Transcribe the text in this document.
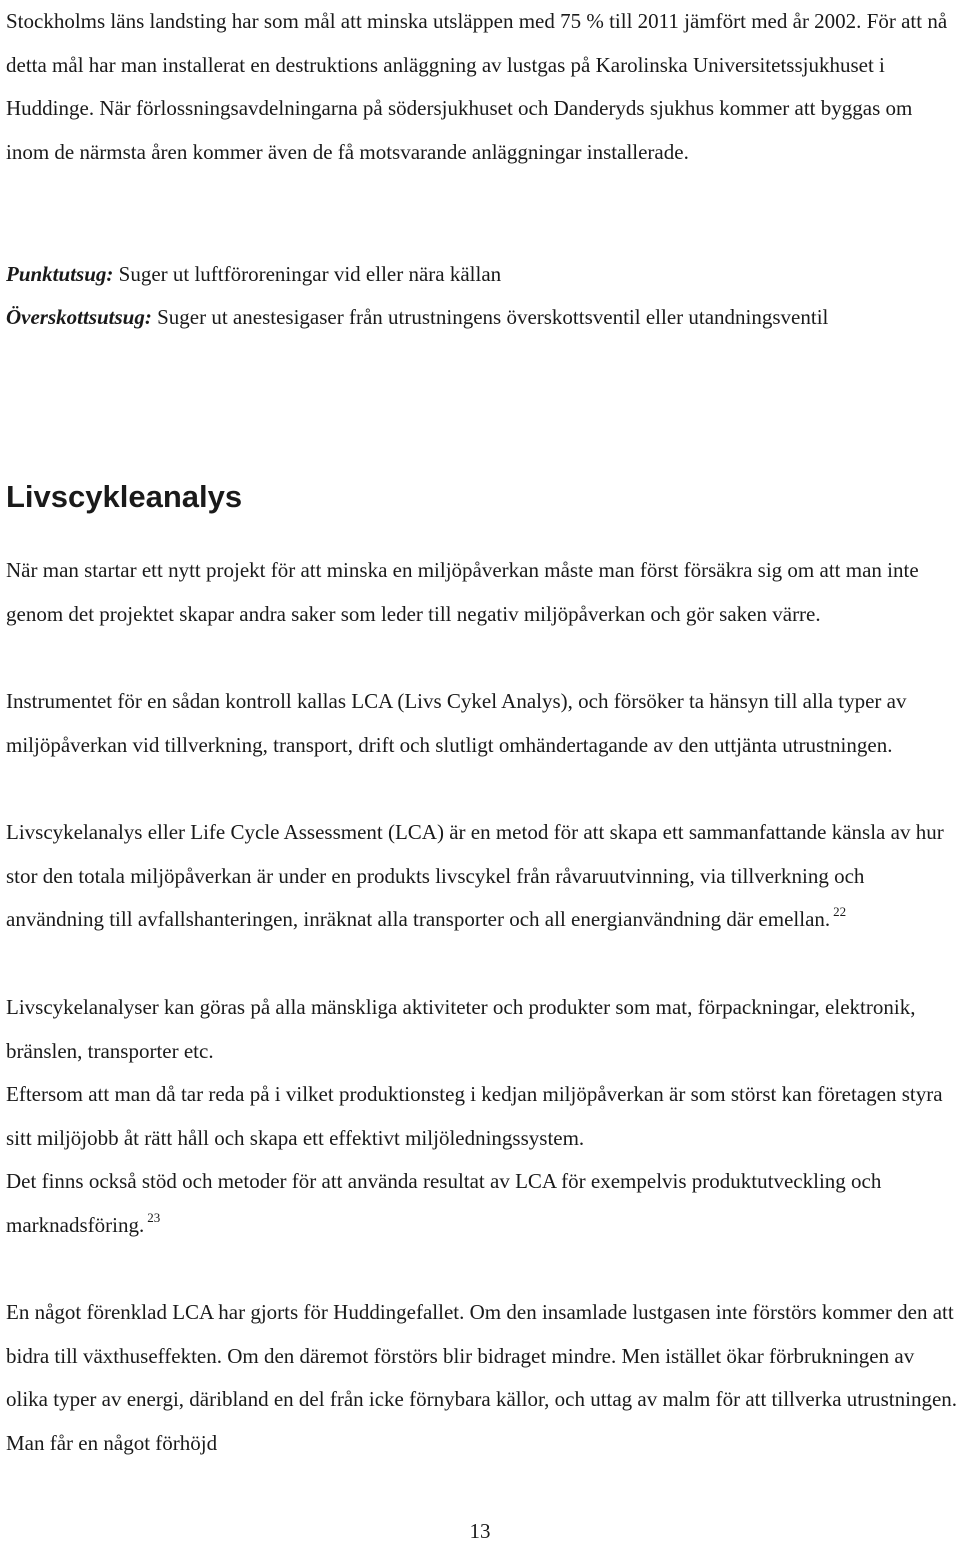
Stockholms läns landsting har som mål att minska utsläppen med 75 % till 2011 jämfört med år 2002. För att nå detta mål har man installerat en destruktions anläggning av lustgas på Karolinska Universitetssjukhuset i Huddinge. När förlossningsavdelningarna på södersjukhuset och Danderyds sjukhus kommer att byggas om inom de närmsta åren kommer även de få motsvarande anläggningar installerade.

Punktutsug: Suger ut luftföroreningar vid eller nära källan

Överskottsutsug: Suger ut anestesigaser från utrustningens överskottsventil eller utandningsventil

Livscykleanalys

När man startar ett nytt projekt för att minska en miljöpåverkan måste man först försäkra sig om att man inte genom det projektet skapar andra saker som leder till negativ miljöpåverkan och gör saken värre.

Instrumentet för en sådan kontroll kallas LCA (Livs Cykel Analys), och försöker ta hänsyn till alla typer av miljöpåverkan vid tillverkning, transport, drift och slutligt omhändertagande av den uttjänta utrustningen.

Livscykelanalys eller Life Cycle Assessment (LCA) är en metod för att skapa ett sammanfattande känsla av hur stor den totala miljöpåverkan är under en produkts livscykel från råvaruutvinning, via tillverkning och användning till avfallshanteringen, inräknat alla transporter och all energianvändning där emellan. $^{22}$

Livscykelanalyser kan göras på alla mänskliga aktiviteter och produkter som mat, förpackningar, elektronik, bränslen, transporter etc.

Eftersom att man då tar reda på i vilket produktionsteg i kedjan miljöpåverkan är som störst kan företagen styra sitt miljöjobb åt rätt håll och skapa ett effektivt miljöledningssystem.

Det finns också stöd och metoder för att använda resultat av LCA för exempelvis produktutveckling och marknadsföring. $^{23}$

En något förenklad LCA har gjorts för Huddingefallet. Om den insamlade lustgasen inte förstörs kommer den att bidra till växthuseffekten. Om den däremot förstörs blir bidraget mindre. Men istället ökar förbrukningen av olika typer av energi, däribland en del från icke förnybara källor, och uttag av malm för att tillverka utrustningen. Man får en något förhöjd

13
